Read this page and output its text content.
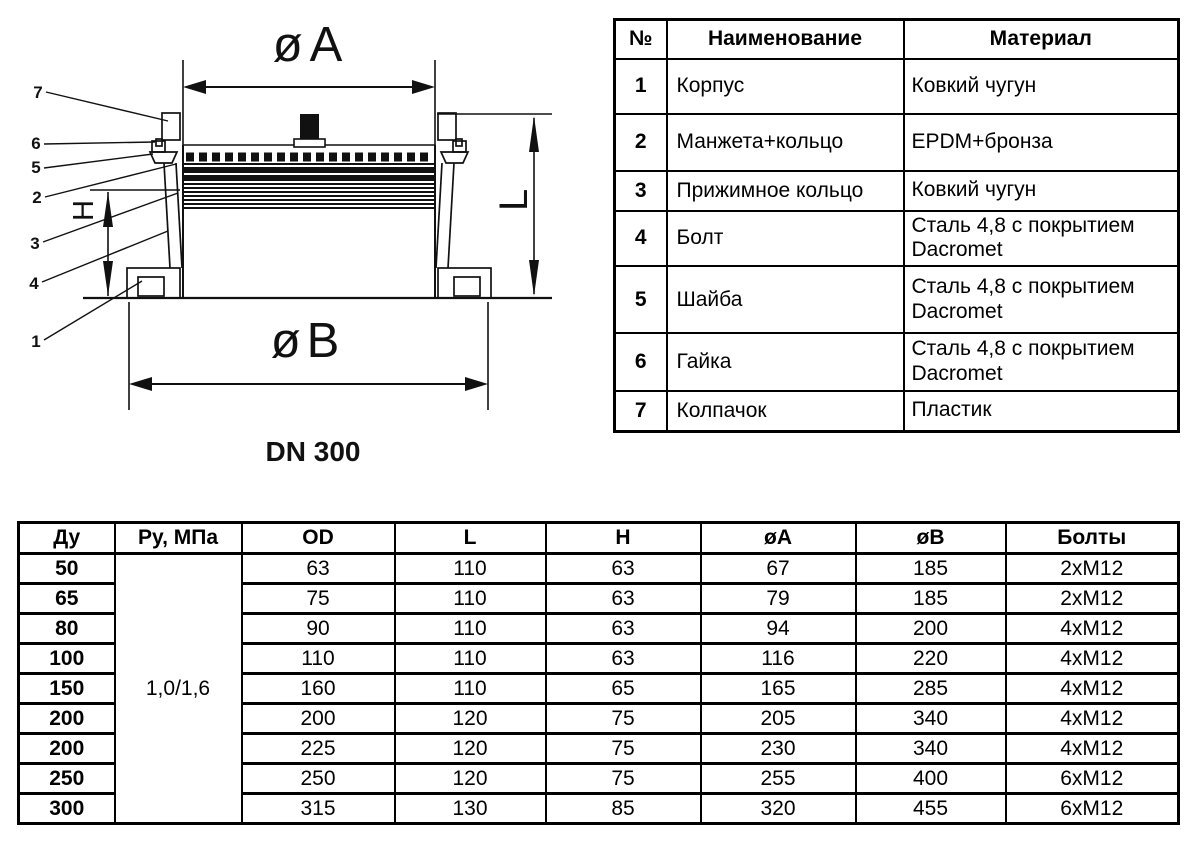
øA
L
H
øB
7
6
5
2
3
4
1
DN 300
№	Наименование	Материал
1	Корпус	Ковкий чугун
2	Манжета+кольцо	EPDM+бронза
3	Прижимное кольцо	Ковкий чугун
4	Болт	Сталь 4,8 с покрытием Dacromet
5	Шайба	Сталь 4,8 с покрытием Dacromet
6	Гайка	Сталь 4,8 с покрытием Dacromet
7	Колпачок	Пластик
Ду	Ру, МПа	OD	L	H	øA	øB	Болты
50	1,0/1,6	63	110	63	67	185	2xM12
65		75	110	63	79	185	2xM12
80		90	110	63	94	200	4xM12
100		110	110	63	116	220	4xM12
150		160	110	65	165	285	4xM12
200		200	120	75	205	340	4xM12
200		225	120	75	230	340	4xM12
250		250	120	75	255	400	6xM12
300		315	130	85	320	455	6xM12
